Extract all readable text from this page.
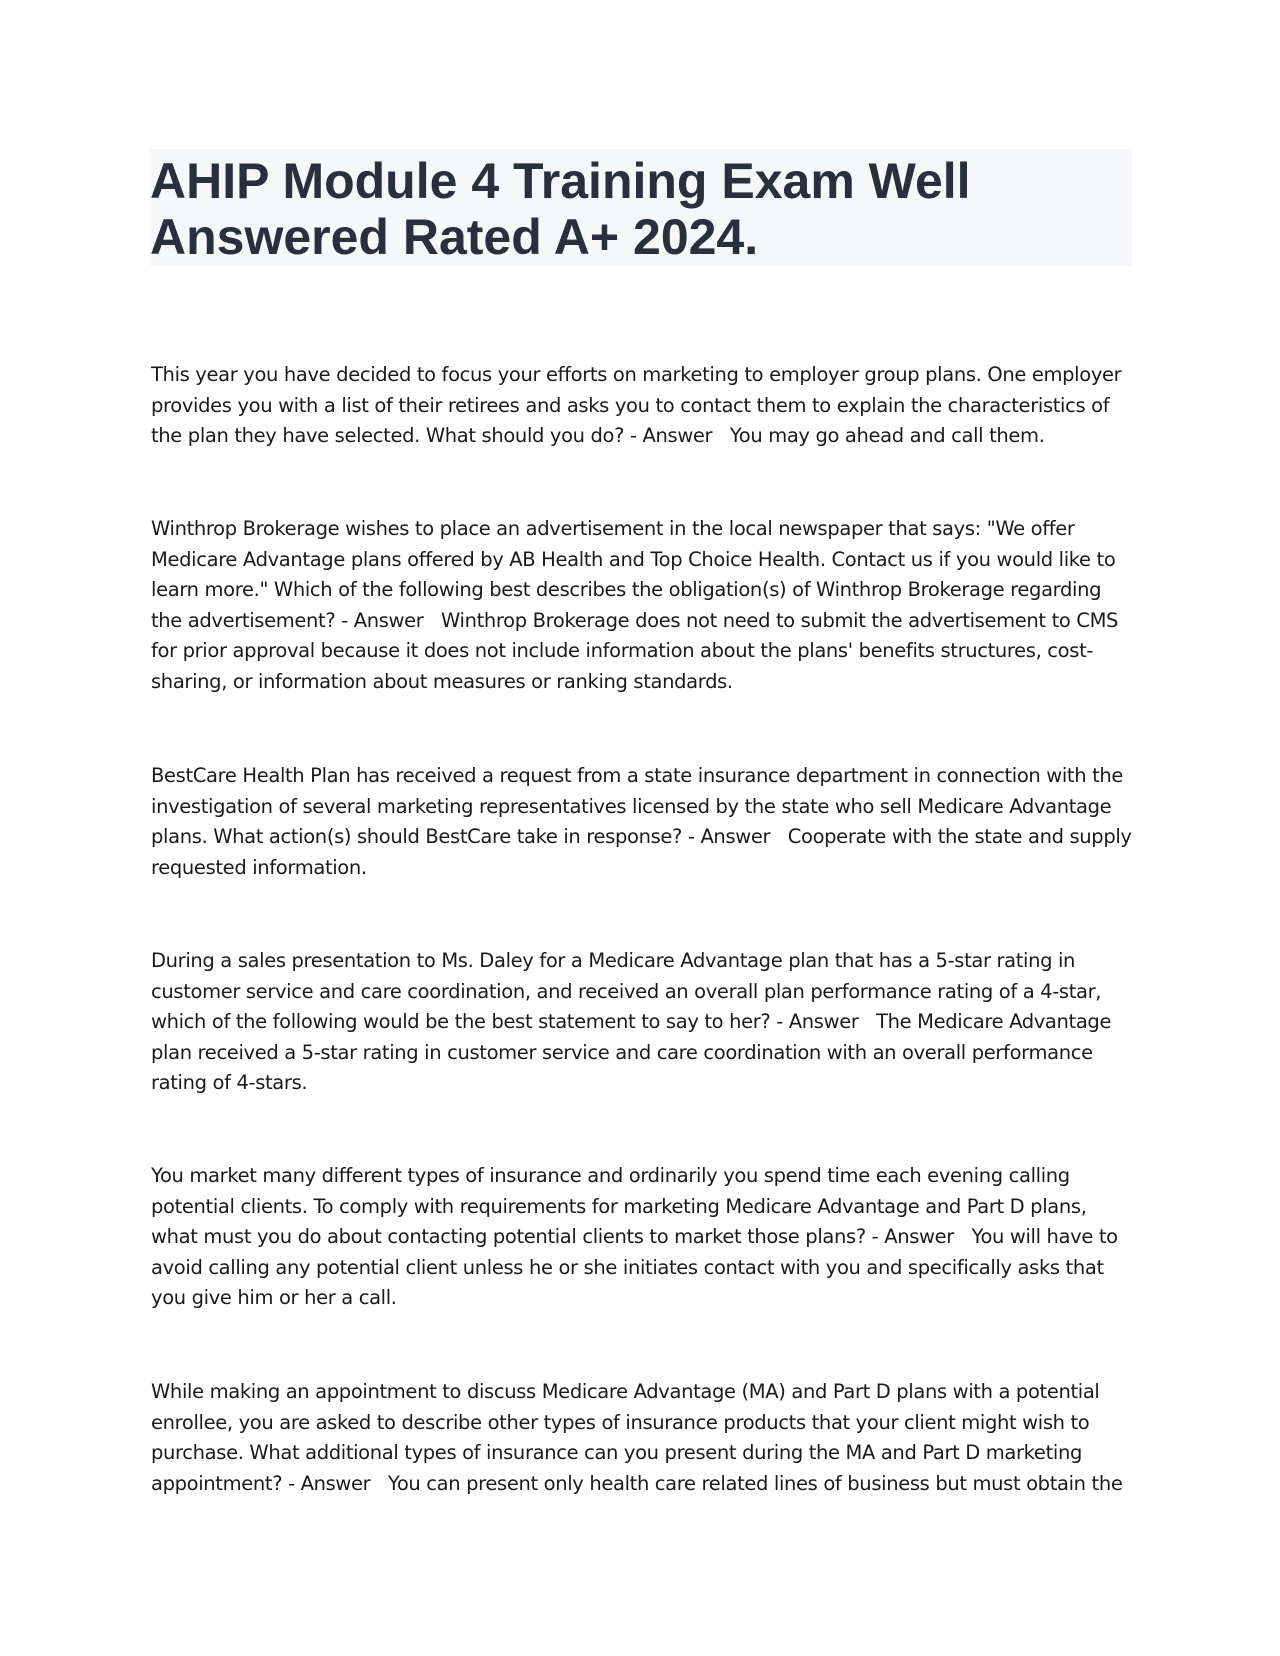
AHIP Module 4 Training Exam Well Answered Rated A+ 2024.

This year you have decided to focus your efforts on marketing to employer group plans. One employer provides you with a list of their retirees and asks you to contact them to explain the characteristics of the plan they have selected. What should you do? - Answer   You may go ahead and call them.

Winthrop Brokerage wishes to place an advertisement in the local newspaper that says: "We offer Medicare Advantage plans offered by AB Health and Top Choice Health. Contact us if you would like to learn more." Which of the following best describes the obligation(s) of Winthrop Brokerage regarding the advertisement? - Answer   Winthrop Brokerage does not need to submit the advertisement to CMS for prior approval because it does not include information about the plans' benefits structures, cost-sharing, or information about measures or ranking standards.

BestCare Health Plan has received a request from a state insurance department in connection with the investigation of several marketing representatives licensed by the state who sell Medicare Advantage plans. What action(s) should BestCare take in response? - Answer   Cooperate with the state and supply requested information.

During a sales presentation to Ms. Daley for a Medicare Advantage plan that has a 5-star rating in customer service and care coordination, and received an overall plan performance rating of a 4-star, which of the following would be the best statement to say to her? - Answer   The Medicare Advantage plan received a 5-star rating in customer service and care coordination with an overall performance rating of 4-stars.

You market many different types of insurance and ordinarily you spend time each evening calling potential clients. To comply with requirements for marketing Medicare Advantage and Part D plans, what must you do about contacting potential clients to market those plans? - Answer   You will have to avoid calling any potential client unless he or she initiates contact with you and specifically asks that you give him or her a call.

While making an appointment to discuss Medicare Advantage (MA) and Part D plans with a potential enrollee, you are asked to describe other types of insurance products that your client might wish to purchase. What additional types of insurance can you present during the MA and Part D marketing appointment? - Answer   You can present only health care related lines of business but must obtain the
